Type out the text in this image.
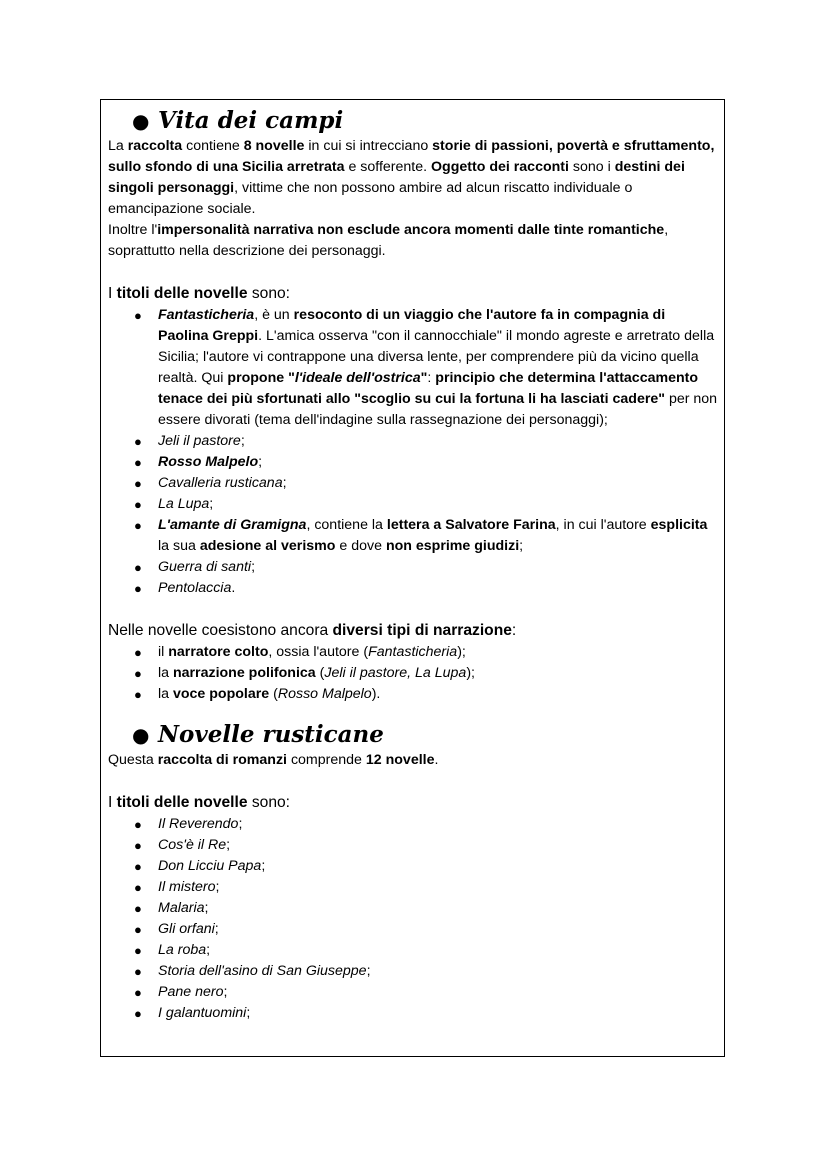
● Vita dei campi
La raccolta contiene 8 novelle in cui si intrecciano storie di passioni, povertà e sfruttamento, sullo sfondo di una Sicilia arretrata e sofferente. Oggetto dei racconti sono i destini dei singoli personaggi, vittime che non possono ambire ad alcun riscatto individuale o emancipazione sociale.
Inoltre l'impersonalità narrativa non esclude ancora momenti dalle tinte romantiche, soprattutto nella descrizione dei personaggi.
I titoli delle novelle sono:
● Fantasticheria, è un resoconto di un viaggio che l'autore fa in compagnia di Paolina Greppi. L'amica osserva "con il cannocchiale" il mondo agreste e arretrato della Sicilia; l'autore vi contrappone una diversa lente, per comprendere più da vicino quella realtà. Qui propone "l'ideale dell'ostrica": principio che determina l'attaccamento tenace dei più sfortunati allo "scoglio su cui la fortuna li ha lasciati cadere" per non essere divorati (tema dell'indagine sulla rassegnazione dei personaggi);
● Jeli il pastore;
● Rosso Malpelo;
● Cavalleria rusticana;
● La Lupa;
● L'amante di Gramigna, contiene la lettera a Salvatore Farina, in cui l'autore esplicita la sua adesione al verismo e dove non esprime giudizi;
● Guerra di santi;
● Pentolaccia.
Nelle novelle coesistono ancora diversi tipi di narrazione:
● il narratore colto, ossia l'autore (Fantasticheria);
● la narrazione polifonica (Jeli il pastore, La Lupa);
● la voce popolare (Rosso Malpelo).
● Novelle rusticane
Questa raccolta di romanzi comprende 12 novelle.
I titoli delle novelle sono:
● Il Reverendo;
● Cos'è il Re;
● Don Licciu Papa;
● Il mistero;
● Malaria;
● Gli orfani;
● La roba;
● Storia dell'asino di San Giuseppe;
● Pane nero;
● I galantuomini;
